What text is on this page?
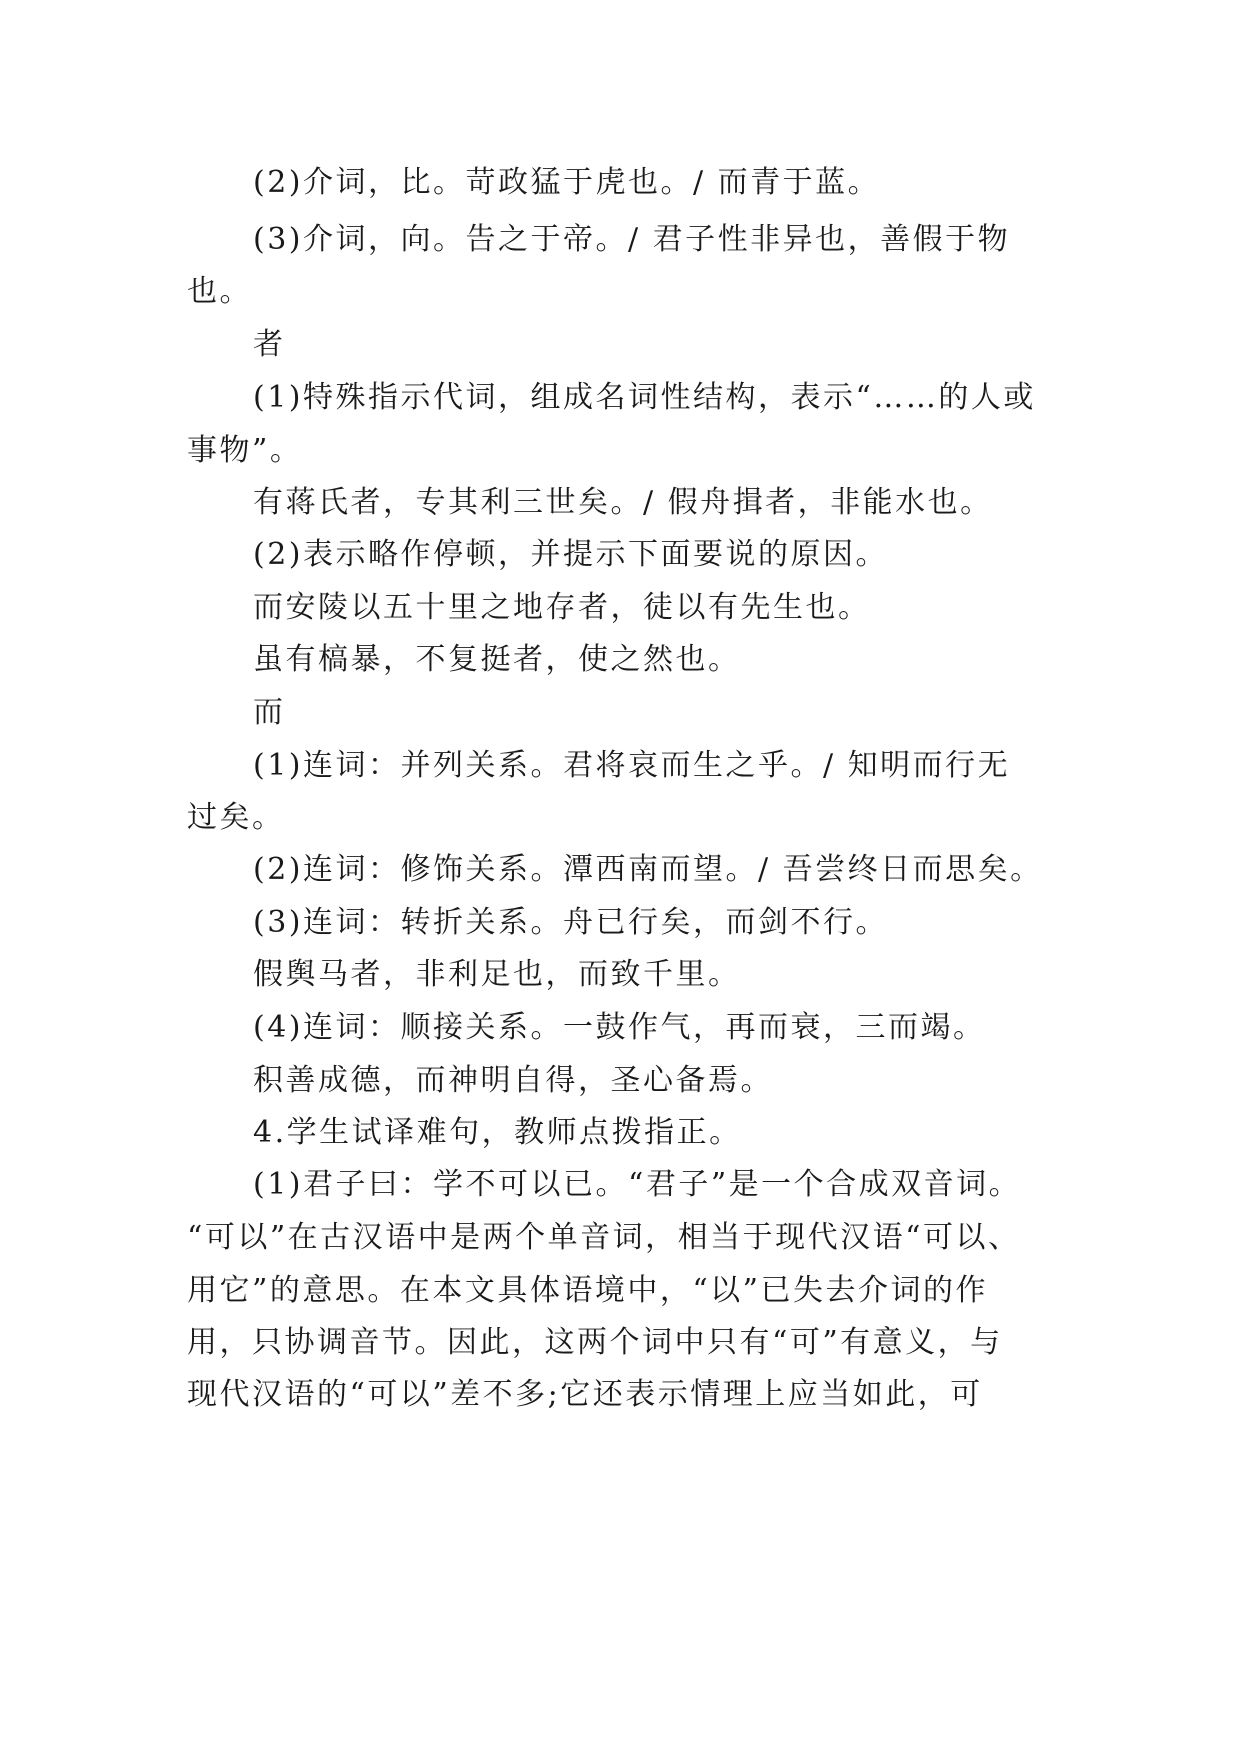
(2)介词，比。苛政猛于虎也。/ 而青于蓝。
(3)介词，向。告之于帝。/ 君子性非异也，善假于物
也。
者
(1)特殊指示代词，组成名词性结构，表示“……的人或
事物”。
有蒋氏者，专其利三世矣。/ 假舟揖者，非能水也。
(2)表示略作停顿，并提示下面要说的原因。
而安陵以五十里之地存者，徒以有先生也。
虽有槁暴，不复挺者，使之然也。
而
(1)连词：并列关系。君将哀而生之乎。/ 知明而行无
过矣。
(2)连词：修饰关系。潭西南而望。/ 吾尝终日而思矣。
(3)连词：转折关系。舟已行矣，而剑不行。
假舆马者，非利足也，而致千里。
(4)连词：顺接关系。一鼓作气，再而衰，三而竭。
积善成德，而神明自得，圣心备焉。
4.学生试译难句，教师点拨指正。
(1)君子曰：学不可以已。“君子”是一个合成双音词。
“可以”在古汉语中是两个单音词，相当于现代汉语“可以、
用它”的意思。在本文具体语境中，“以”已失去介词的作
用，只协调音节。因此，这两个词中只有“可”有意义，与
现代汉语的“可以”差不多;它还表示情理上应当如此，可
